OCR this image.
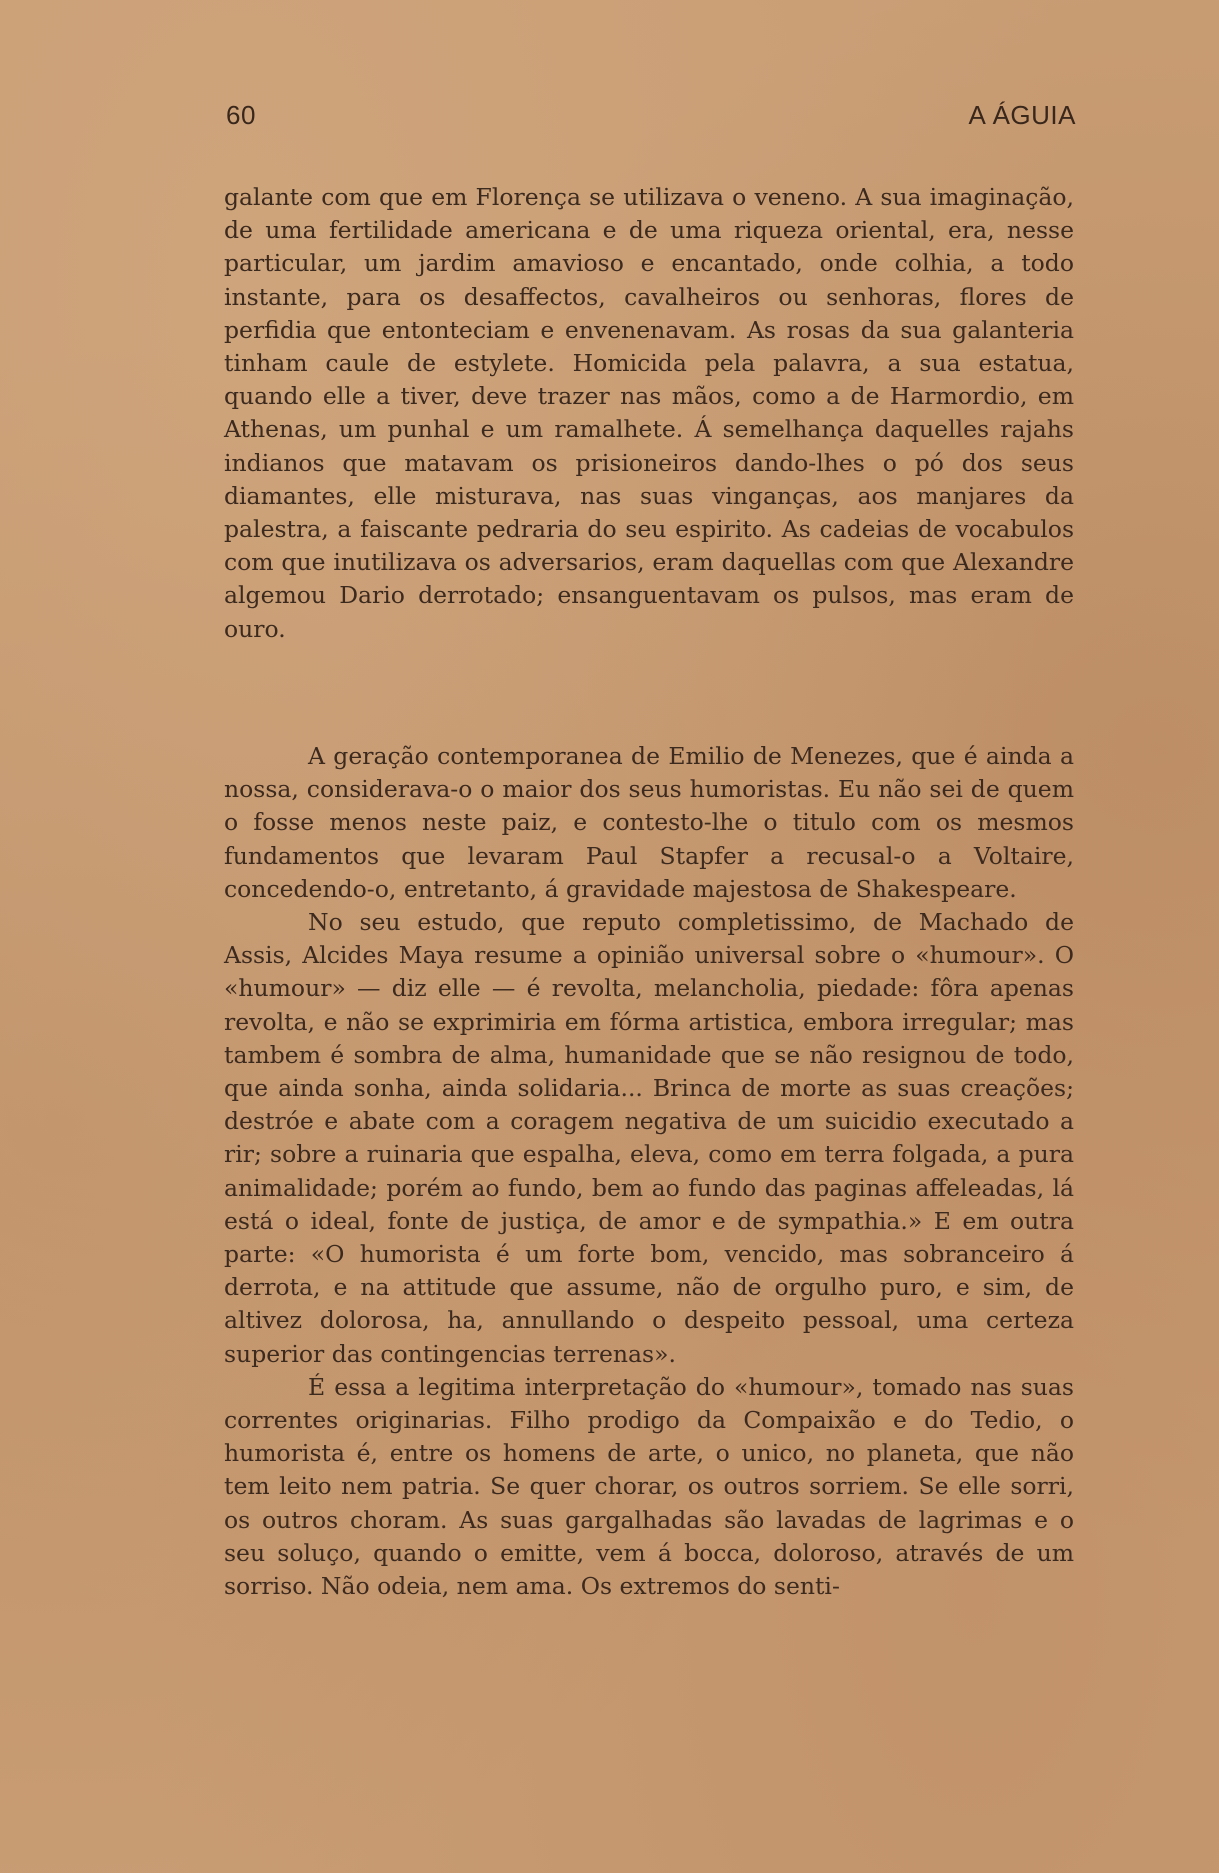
60	A ÁGUIA

galante com que em Florença se utilizava o veneno. A sua imaginação, de uma fertilidade americana e de uma riqueza oriental, era, nesse particular, um jardim amavioso e encantado, onde colhia, a todo instante, para os desaffectos, cavalheiros ou senhoras, flores de perfidia que entonteciam e envenenavam. As rosas da sua galanteria tinham caule de estylete. Homicida pela palavra, a sua estatua, quando elle a tiver, deve trazer nas mãos, como a de Harmordio, em Athenas, um punhal e um ramalhete. Á semelhança daquelles rajahs indianos que matavam os prisioneiros dando-lhes o pó dos seus diamantes, elle misturava, nas suas vinganças, aos manjares da palestra, a faiscante pedraria do seu espirito. As cadeias de vocabulos com que inutilizava os adversarios, eram daquellas com que Alexandre algemou Dario derrotado; ensanguentavam os pulsos, mas eram de ouro.

A geração contemporanea de Emilio de Menezes, que é ainda a nossa, considerava-o o maior dos seus humoristas. Eu não sei de quem o fosse menos neste paiz, e contesto-lhe o titulo com os mesmos fundamentos que levaram Paul Stapfer a recusal-o a Voltaire, concedendo-o, entretanto, á gravidade majestosa de Shakespeare.

No seu estudo, que reputo completissimo, de Machado de Assis, Alcides Maya resume a opinião universal sobre o «humour». O «humour» — diz elle — é revolta, melancholia, piedade: fôra apenas revolta, e não se exprimiria em fórma artistica, embora irregular; mas tambem é sombra de alma, humanidade que se não resignou de todo, que ainda sonha, ainda solidaria... Brinca de morte as suas creações; destróe e abate com a coragem negativa de um suicidio executado a rir; sobre a ruinaria que espalha, eleva, como em terra folgada, a pura animalidade; porém ao fundo, bem ao fundo das paginas affeleadas, lá está o ideal, fonte de justiça, de amor e de sympathia.» E em outra parte: «O humorista é um forte bom, vencido, mas sobranceiro á derrota, e na attitude que assume, não de orgulho puro, e sim, de altivez dolorosa, ha, annullando o despeito pessoal, uma certeza superior das contingencias terrenas».

É essa a legitima interpretação do «humour», tomado nas suas correntes originarias. Filho prodigo da Compaixão e do Tedio, o humorista é, entre os homens de arte, o unico, no planeta, que não tem leito nem patria. Se quer chorar, os outros sorriem. Se elle sorri, os outros choram. As suas gargalhadas são lavadas de lagrimas e o seu soluço, quando o emitte, vem á bocca, doloroso, através de um sorriso. Não odeia, nem ama. Os extremos do senti-
